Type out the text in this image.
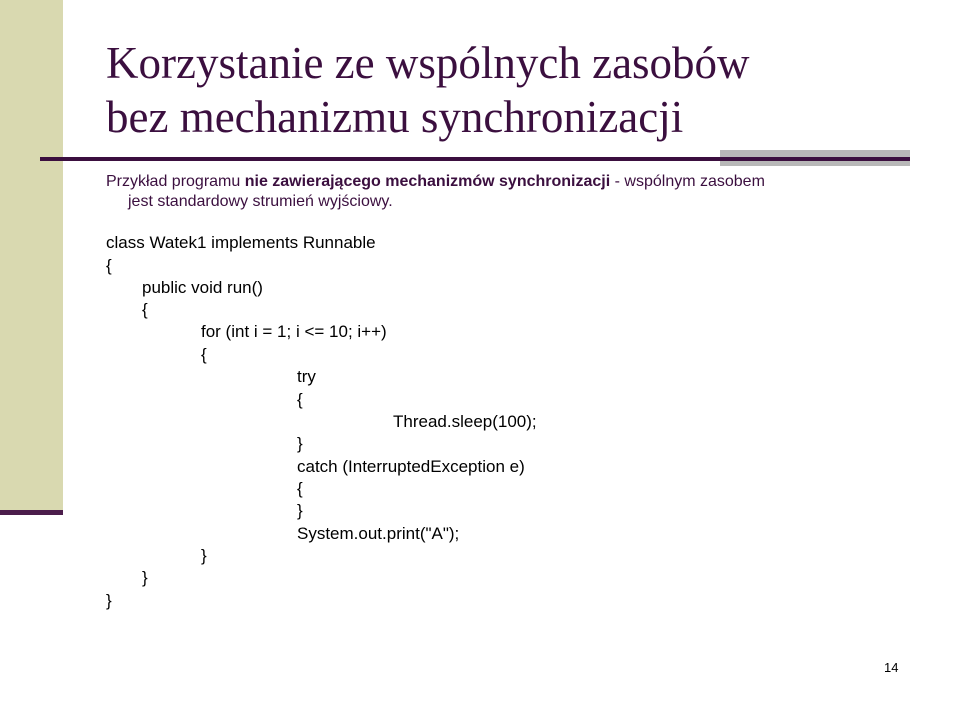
Korzystanie ze wspólnych zasobów
bez mechanizmu synchronizacji
Przykład programu nie zawierającego mechanizmów synchronizacji - wspólnym zasobem
jest standardowy strumień wyjściowy.
class Watek1 implements Runnable
{
public void run()
{
for (int i = 1; i <= 10; i++)
{
try
{
Thread.sleep(100);
}
catch (InterruptedException e)
{
}
System.out.print("A");
}
}
}
14
